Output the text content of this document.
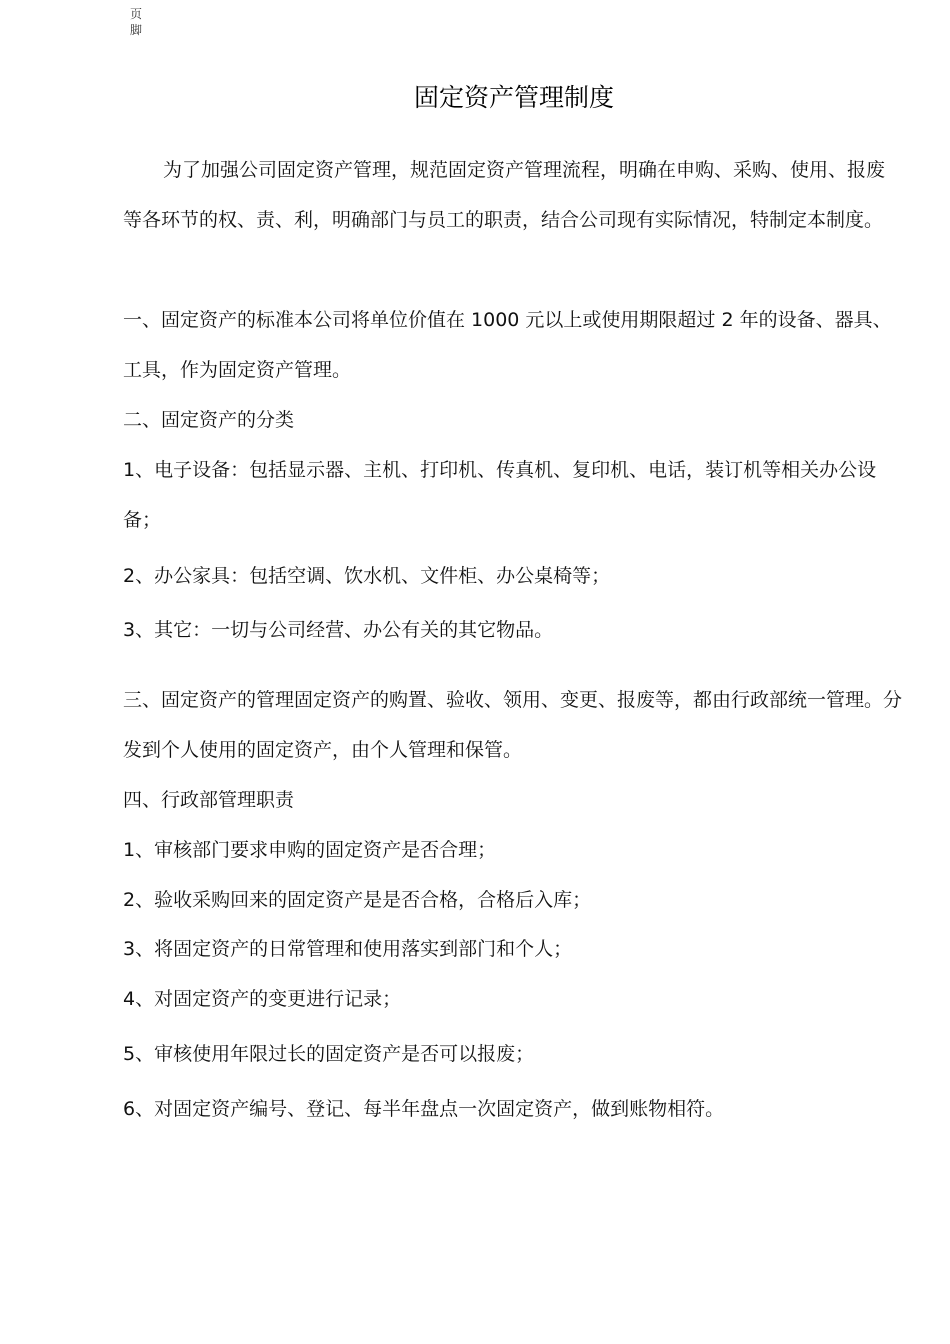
页脚
固定资产管理制度

为了加强公司固定资产管理，规范固定资产管理流程，明确在申购、采购、使用、报废等各环节的权、责、利，明确部门与员工的职责，结合公司现有实际情况，特制定本制度。

一、固定资产的标准本公司将单位价值在 1000 元以上或使用期限超过 2 年的设备、器具、工具，作为固定资产管理。

二、固定资产的分类

1、电子设备：包括显示器、主机、打印机、传真机、复印机、电话，装订机等相关办公设备；

2、办公家具：包括空调、饮水机、文件柜、办公桌椅等；

3、其它：一切与公司经营、办公有关的其它物品。

三、固定资产的管理固定资产的购置、验收、领用、变更、报废等，都由行政部统一管理。分发到个人使用的固定资产，由个人管理和保管。

四、行政部管理职责

1、审核部门要求申购的固定资产是否合理；

2、验收采购回来的固定资产是是否合格，合格后入库；

3、将固定资产的日常管理和使用落实到部门和个人；

4、对固定资产的变更进行记录；

5、审核使用年限过长的固定资产是否可以报废；

6、对固定资产编号、登记、每半年盘点一次固定资产，做到账物相符。
